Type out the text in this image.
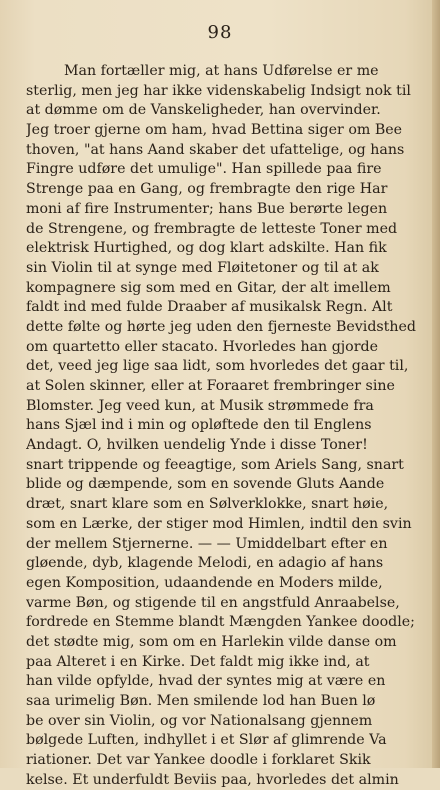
98
Man fortæller mig, at hans Udførelse er me
sterlig, men jeg har ikke videnskabelig Indsigt nok til
at dømme om de Vanskeligheder, han overvinder.
Jeg troer gjerne om ham, hvad Bettina siger om Bee
thoven, "at hans Aand skaber det ufattelige, og hans
Fingre udføre det umulige". Han spillede paa fire
Strenge paa en Gang, og frembragte den rige Har
moni af fire Instrumenter; hans Bue berørte legen
de Strengene, og frembragte de letteste Toner med
elektrisk Hurtighed, og dog klart adskilte. Han fik
sin Violin til at synge med Fløitetoner og til at ak
kompagnere sig som med en Gitar, der alt imellem
faldt ind med fulde Draaber af musikalsk Regn. Alt
dette følte og hørte jeg uden den fjerneste Bevidsthed
om quartetto eller stacato. Hvorledes han gjorde
det, veed jeg lige saa lidt, som hvorledes det gaar til,
at Solen skinner, eller at Foraaret frembringer sine
Blomster. Jeg veed kun, at Musik strømmede fra
hans Sjæl ind i min og opløftede den til Englens
Andagt. O, hvilken uendelig Ynde i disse Toner!
snart trippende og feeagtige, som Ariels Sang, snart
blide og dæmpende, som en sovende Gluts Aande
dræt, snart klare som en Sølverklokke, snart høie,
som en Lærke, der stiger mod Himlen, indtil den svin
der mellem Stjernerne. — — Umiddelbart efter en
gløende, dyb, klagende Melodi, en adagio af hans
egen Komposition, udaandende en Moders milde,
varme Bøn, og stigende til en angstfuld Anraabelse,
fordrede en Stemme blandt Mængden Yankee doodle;
det stødte mig, som om en Harlekin vilde danse om
paa Alteret i en Kirke. Det faldt mig ikke ind, at
han vilde opfylde, hvad der syntes mig at være en
saa urimelig Bøn. Men smilende lod han Buen lø
be over sin Violin, og vor Nationalsang gjennem
bølgede Luften, indhyllet i et Slør af glimrende Va
riationer. Det var Yankee doodle i forklaret Skik
kelse. Et underfuldt Beviis paa, hvorledes det almin
